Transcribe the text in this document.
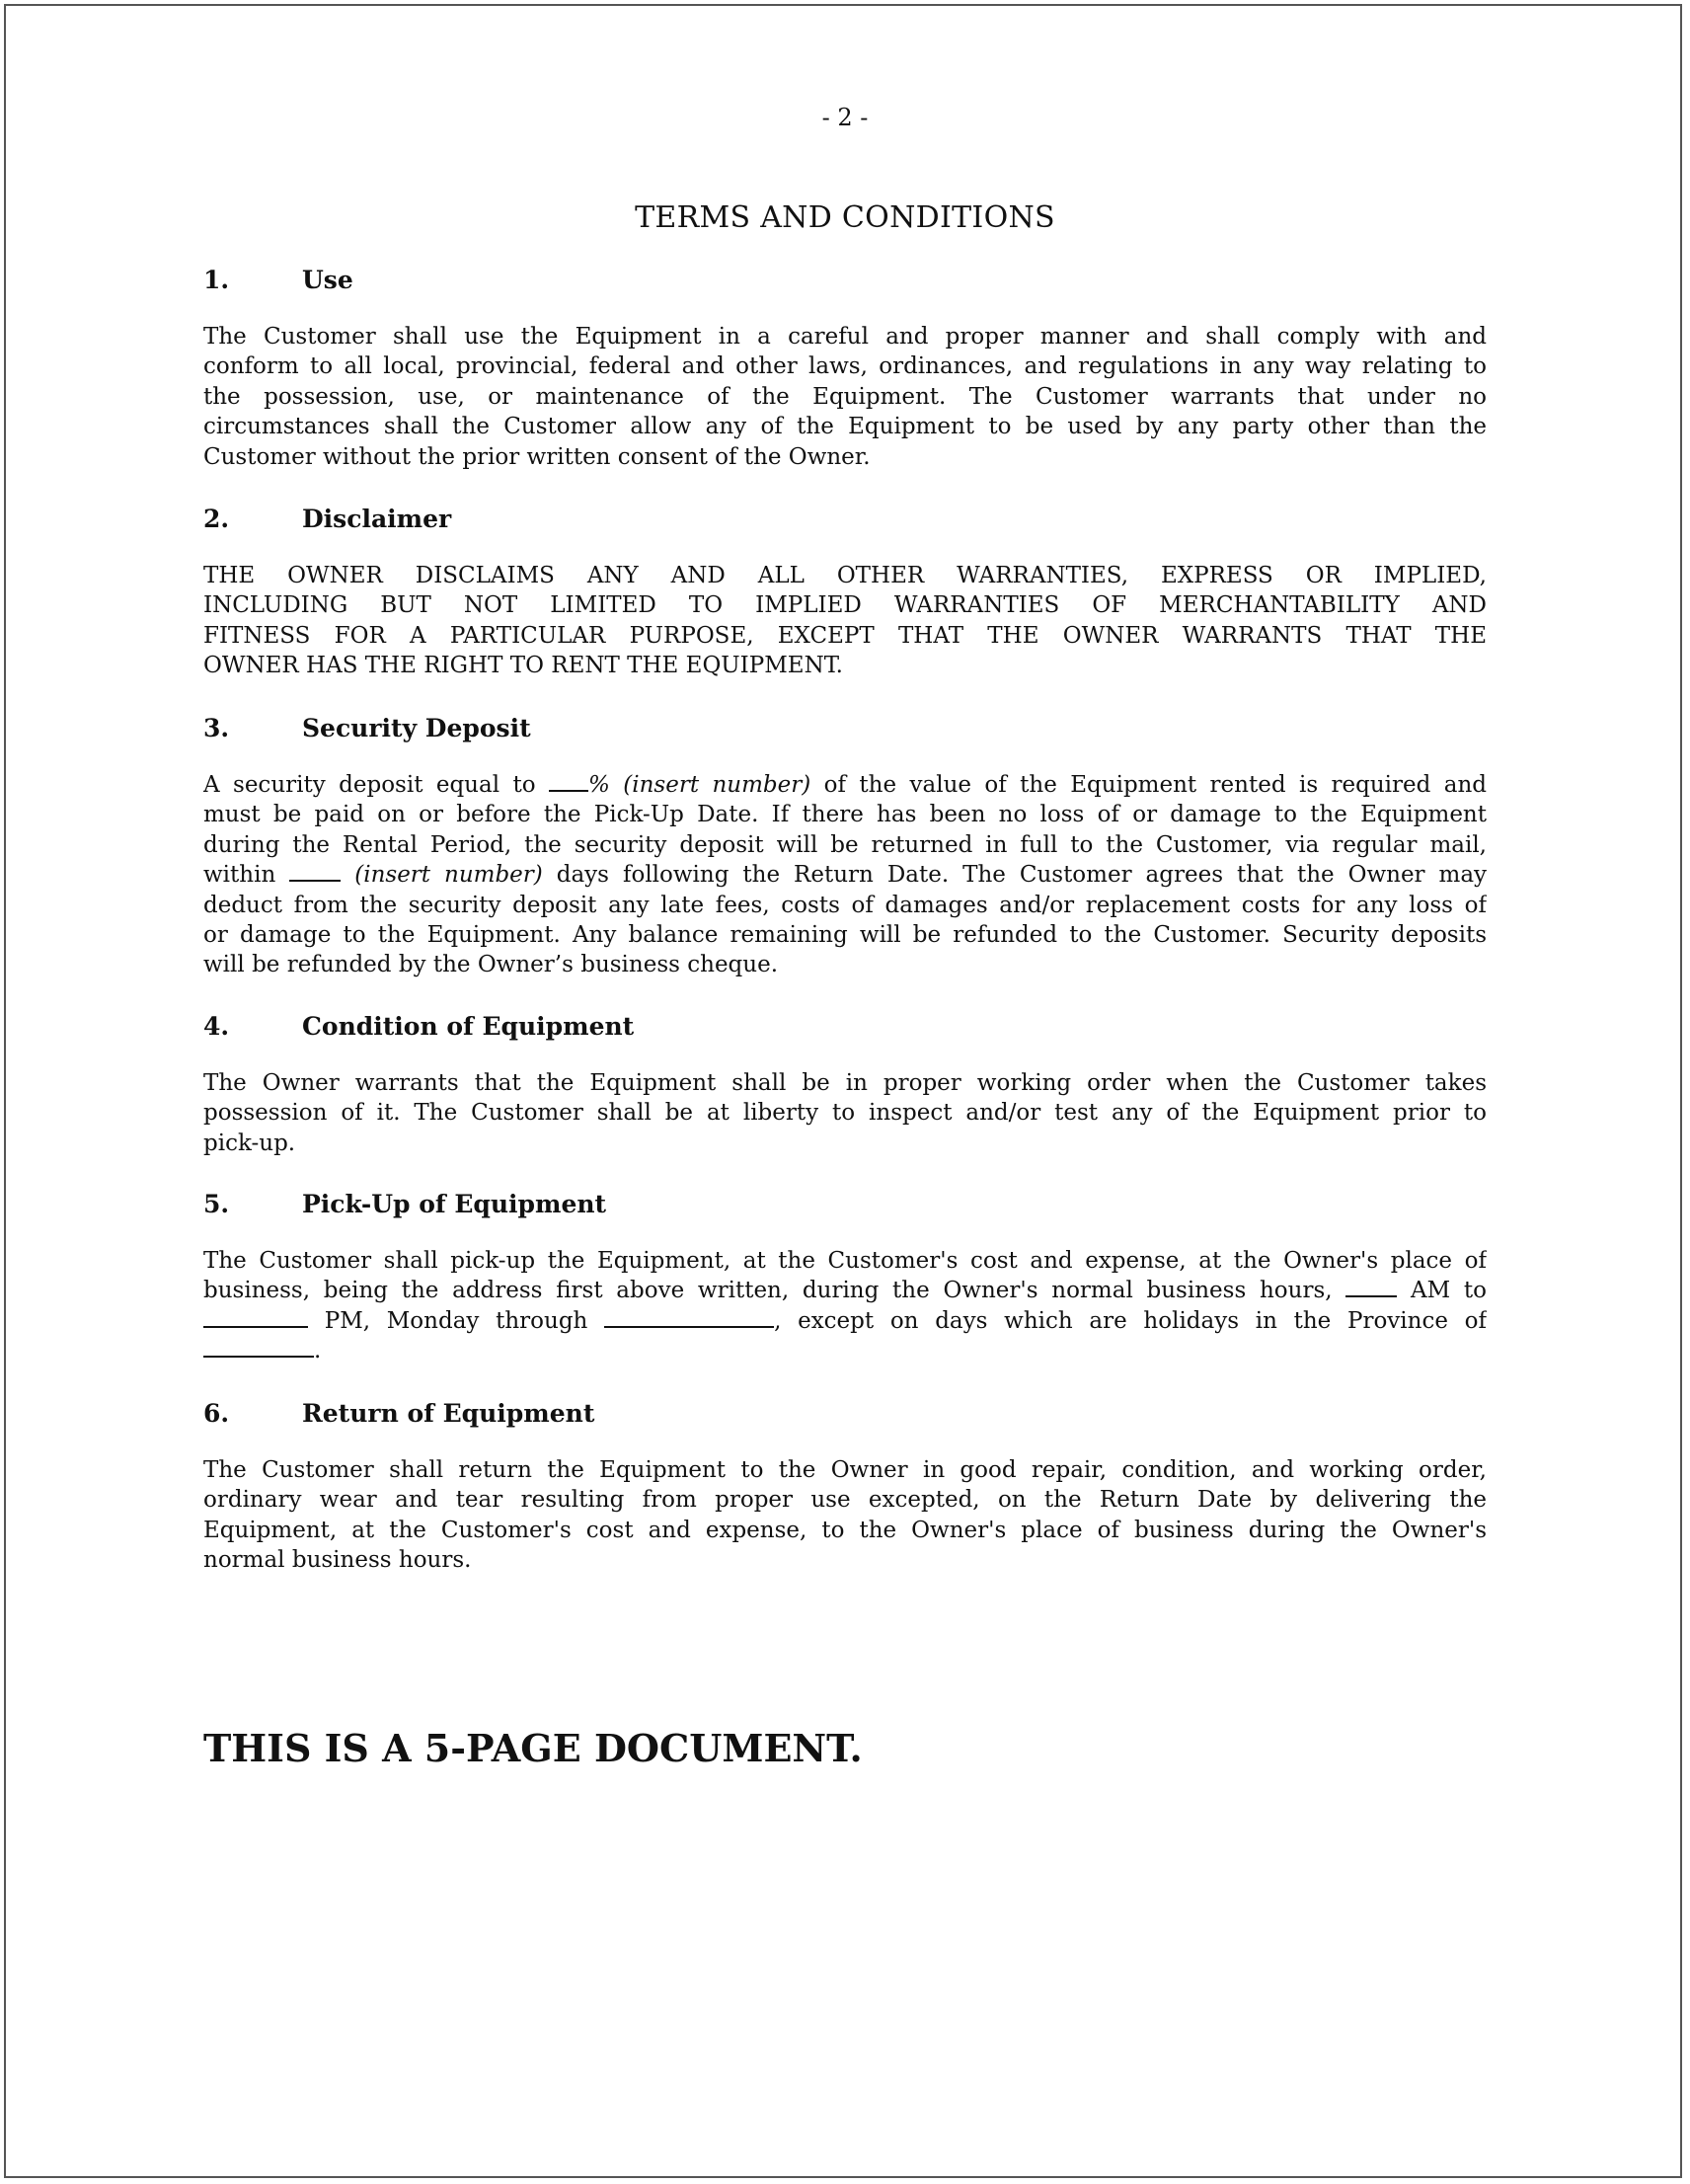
- 2 -
TERMS AND CONDITIONS
1.	Use
The Customer shall use the Equipment in a careful and proper manner and shall comply with and
conform to all local, provincial, federal and other laws, ordinances, and regulations in any way relating to
the possession, use, or maintenance of the Equipment. The Customer warrants that under no
circumstances shall the Customer allow any of the Equipment to be used by any party other than the
Customer without the prior written consent of the Owner.
2.	Disclaimer
THE OWNER DISCLAIMS ANY AND ALL OTHER WARRANTIES, EXPRESS OR IMPLIED,
INCLUDING BUT NOT LIMITED TO IMPLIED WARRANTIES OF MERCHANTABILITY AND
FITNESS FOR A PARTICULAR PURPOSE, EXCEPT THAT THE OWNER WARRANTS THAT THE
OWNER HAS THE RIGHT TO RENT THE EQUIPMENT.
3.	Security Deposit
A security deposit equal to % (insert number) of the value of the Equipment rented is required and
must be paid on or before the Pick-Up Date. If there has been no loss of or damage to the Equipment
during the Rental Period, the security deposit will be returned in full to the Customer, via regular mail,
within	(insert number) days following the Return Date. The Customer agrees that the Owner may
deduct from the security deposit any late fees, costs of damages and/or replacement costs for any loss of
or damage to the Equipment. Any balance remaining will be refunded to the Customer. Security deposits
will be refunded by the Owner’s business cheque.
4.	Condition of Equipment
The Owner warrants that the Equipment shall be in proper working order when the Customer takes
possession of it. The Customer shall be at liberty to inspect and/or test any of the Equipment prior to
pick-up.
5.	Pick-Up of Equipment
The Customer shall pick-up the Equipment, at the Customer's cost and expense, at the Owner's place of
business, being the address first above written, during the Owner's normal business hours,	AM to
PM, Monday through	, except on days which are holidays in the Province of
.
6.	Return of Equipment
The Customer shall return the Equipment to the Owner in good repair, condition, and working order,
ordinary wear and tear resulting from proper use excepted, on the Return Date by delivering the
Equipment, at the Customer's cost and expense, to the Owner's place of business during the Owner's
normal business hours.
THIS IS A 5-PAGE DOCUMENT.
